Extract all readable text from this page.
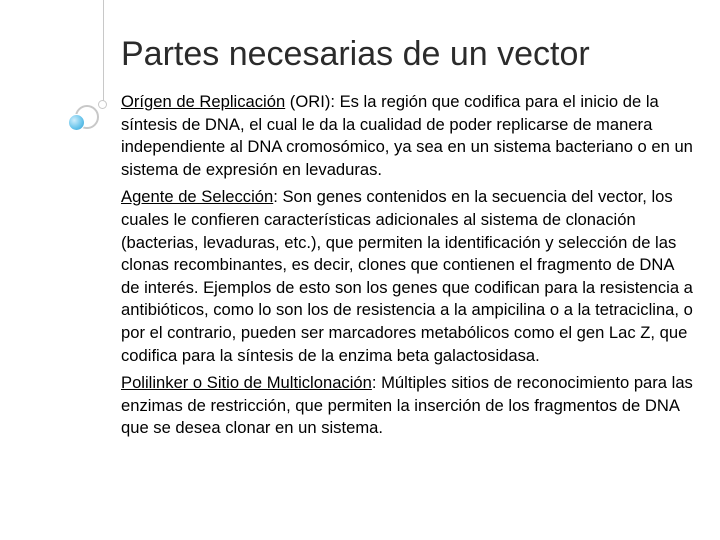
Partes necesarias de un vector

Orígen de Replicación (ORI): Es la región que codifica para el inicio de la síntesis de DNA, el cual le da la cualidad de poder replicarse de manera independiente al DNA cromosómico, ya sea en un sistema bacteriano o en un sistema de expresión en levaduras.

Agente de Selección: Son genes contenidos en la secuencia del vector, los cuales le confieren características adicionales al sistema de clonación (bacterias, levaduras, etc.), que permiten la identificación y selección de las clonas recombinantes, es decir, clones que contienen el fragmento de DNA de interés. Ejemplos de esto son los genes que codifican para la resistencia a antibióticos, como lo son los de resistencia a la ampicilina o a la tetraciclina, o por el contrario, pueden ser marcadores metabólicos como el gen Lac Z, que codifica para la síntesis de la enzima beta galactosidasa.

Polilinker o Sitio de Multiclonación: Múltiples sitios de reconocimiento para las enzimas de restricción, que permiten la inserción de los fragmentos de DNA que se desea clonar en un sistema.
